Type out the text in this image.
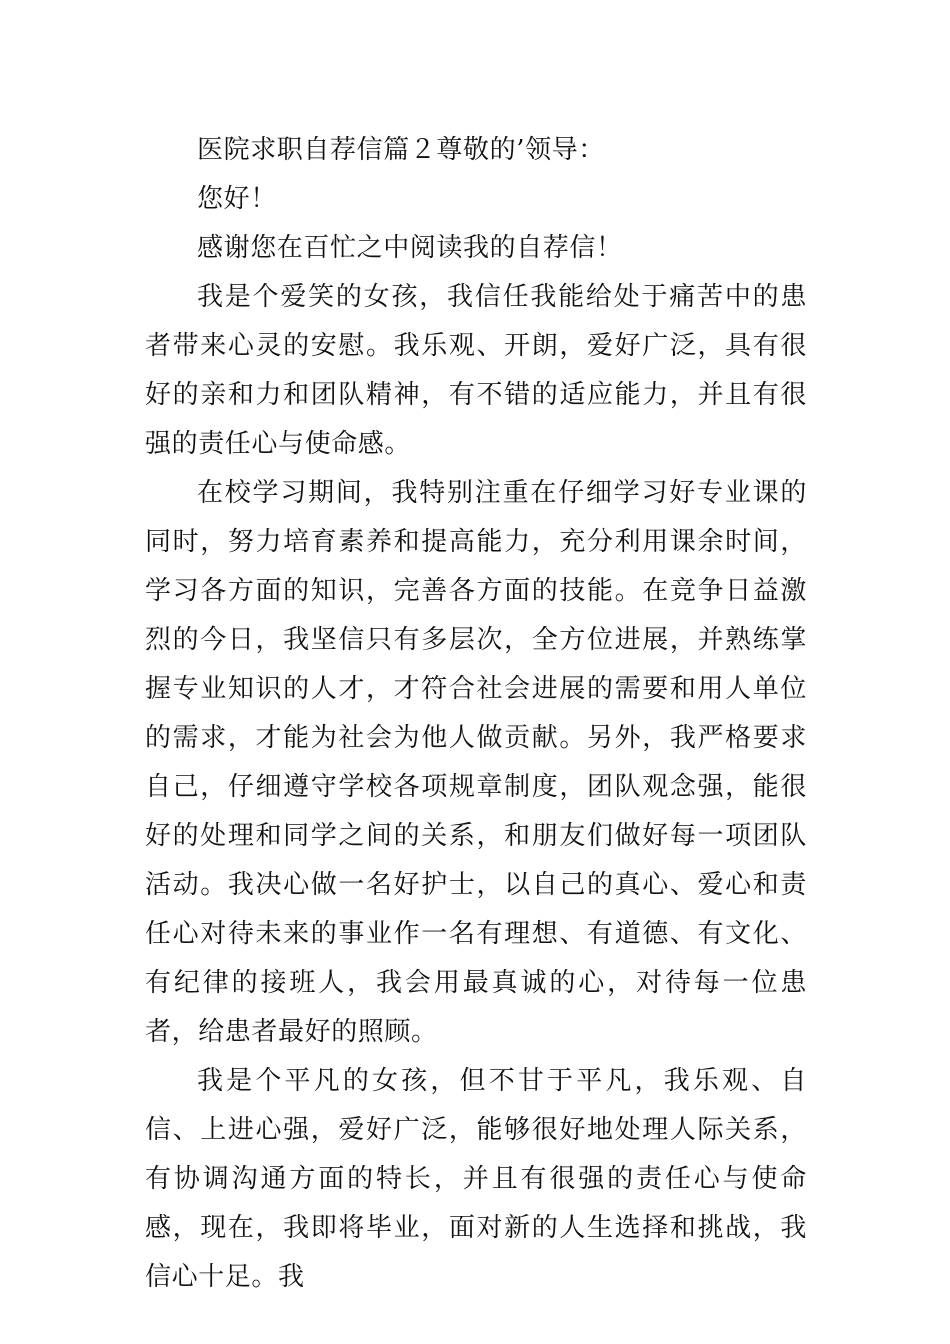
医院求职自荐信篇２尊敬的’领导：

您好！

感谢您在百忙之中阅读我的自荐信！

我是个爱笑的女孩，我信任我能给处于痛苦中的患者带来心灵的安慰。我乐观、开朗，爱好广泛，具有很好的亲和力和团队精神，有不错的适应能力，并且有很强的责任心与使命感。

在校学习期间，我特别注重在仔细学习好专业课的同时，努力培育素养和提高能力，充分利用课余时间，学习各方面的知识，完善各方面的技能。在竞争日益激烈的今日，我坚信只有多层次，全方位进展，并熟练掌握专业知识的人才，才符合社会进展的需要和用人单位的需求，才能为社会为他人做贡献。另外，我严格要求自己，仔细遵守学校各项规章制度，团队观念强，能很好的处理和同学之间的关系，和朋友们做好每一项团队活动。我决心做一名好护士，以自己的真心、爱心和责任心对待未来的事业作一名有理想、有道德、有文化、有纪律的接班人，我会用最真诚的心，对待每一位患者，给患者最好的照顾。

我是个平凡的女孩，但不甘于平凡，我乐观、自信、上进心强，爱好广泛，能够很好地处理人际关系，有协调沟通方面的特长，并且有很强的责任心与使命感，现在，我即将毕业，面对新的人生选择和挑战，我信心十足。我
